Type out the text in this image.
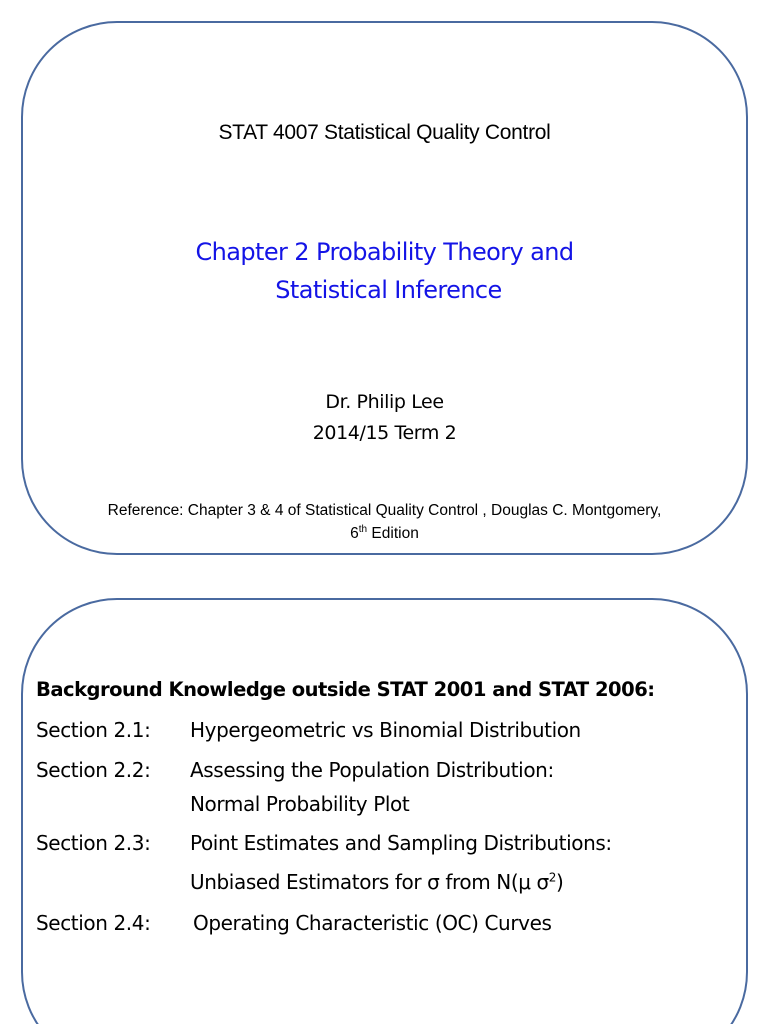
STAT 4007 Statistical Quality Control
Chapter 2 Probability Theory and
Statistical Inference
Dr. Philip Lee
2014/15 Term 2
Reference: Chapter 3 & 4 of Statistical Quality Control , Douglas C. Montgomery,
6th Edition
Background Knowledge outside STAT 2001 and STAT 2006:
Section 2.1:	Hypergeometric vs Binomial Distribution
Section 2.2:	Assessing the Population Distribution:
Normal Probability Plot
Section 2.3:	Point Estimates and Sampling Distributions:
Unbiased Estimators for σ from N(μ $\sigma^2$)
Section 2.4:	Operating Characteristic (OC) Curves
